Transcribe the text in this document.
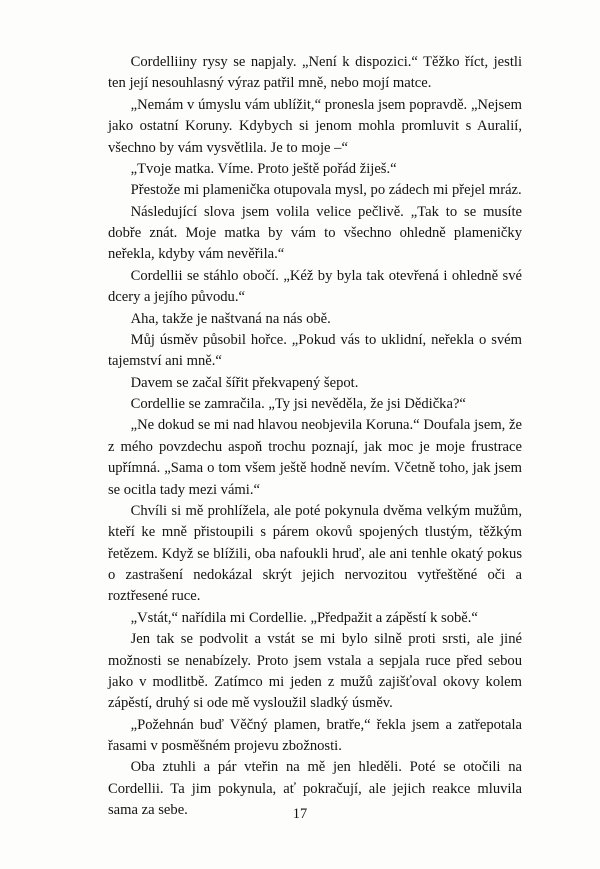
Cordelliiny rysy se napjaly. „Není k dispozici.“ Těžko říct, jestli ten její nesouhlasný výraz patřil mně, nebo mojí matce.

„Nemám v úmyslu vám ublížit,“ pronesla jsem popravdě. „Nejsem jako ostatní Koruny. Kdybych si jenom mohla promluvit s Auralií, všechno by vám vysvětlila. Je to moje –“

„Tvoje matka. Víme. Proto ještě pořád žiješ.“

Přestože mi plamenička otupovala mysl, po zádech mi přejel mráz.

Následující slova jsem volila velice pečlivě. „Tak to se musíte dobře znát. Moje matka by vám to všechno ohledně plameničky neřekla, kdyby vám nevěřila.“

Cordellii se stáhlo obočí. „Kéž by byla tak otevřená i ohledně své dcery a jejího původu.“

Aha, takže je naštvaná na nás obě.

Můj úsměv působil hořce. „Pokud vás to uklidní, neřekla o svém tajemství ani mně.“

Davem se začal šířit překvapený šepot.

Cordellie se zamračila. „Ty jsi nevěděla, že jsi Dědička?“

„Ne dokud se mi nad hlavou neobjevila Koruna.“ Doufala jsem, že z mého povzdechu aspoň trochu poznají, jak moc je moje frustrace upřímná. „Sama o tom všem ještě hodně nevím. Včetně toho, jak jsem se ocitla tady mezi vámi.“

Chvíli si mě prohlížela, ale poté pokynula dvěma velkým mužům, kteří ke mně přistoupili s párem okovů spojených tlustým, těžkým řetězem. Když se blížili, oba nafoukli hruď, ale ani tenhle okatý pokus o zastrašení nedokázal skrýt jejich nervozitou vytřeštěné oči a roztřesené ruce.

„Vstát,“ nařídila mi Cordellie. „Předpažit a zápěstí k sobě.“

Jen tak se podvolit a vstát se mi bylo silně proti srsti, ale jiné možnosti se nenabízely. Proto jsem vstala a sepjala ruce před sebou jako v modlitbě. Zatímco mi jeden z mužů zajišťoval okovy kolem zápěstí, druhý si ode mě vysloužil sladký úsměv.

„Požehnán buď Věčný plamen, bratře,“ řekla jsem a zatřepotala řasami v posměšném projevu zbožnosti.

Oba ztuhli a pár vteřin na mě jen hleděli. Poté se otočili na Cordellii. Ta jim pokynula, ať pokračují, ale jejich reakce mluvila sama za sebe.	17
